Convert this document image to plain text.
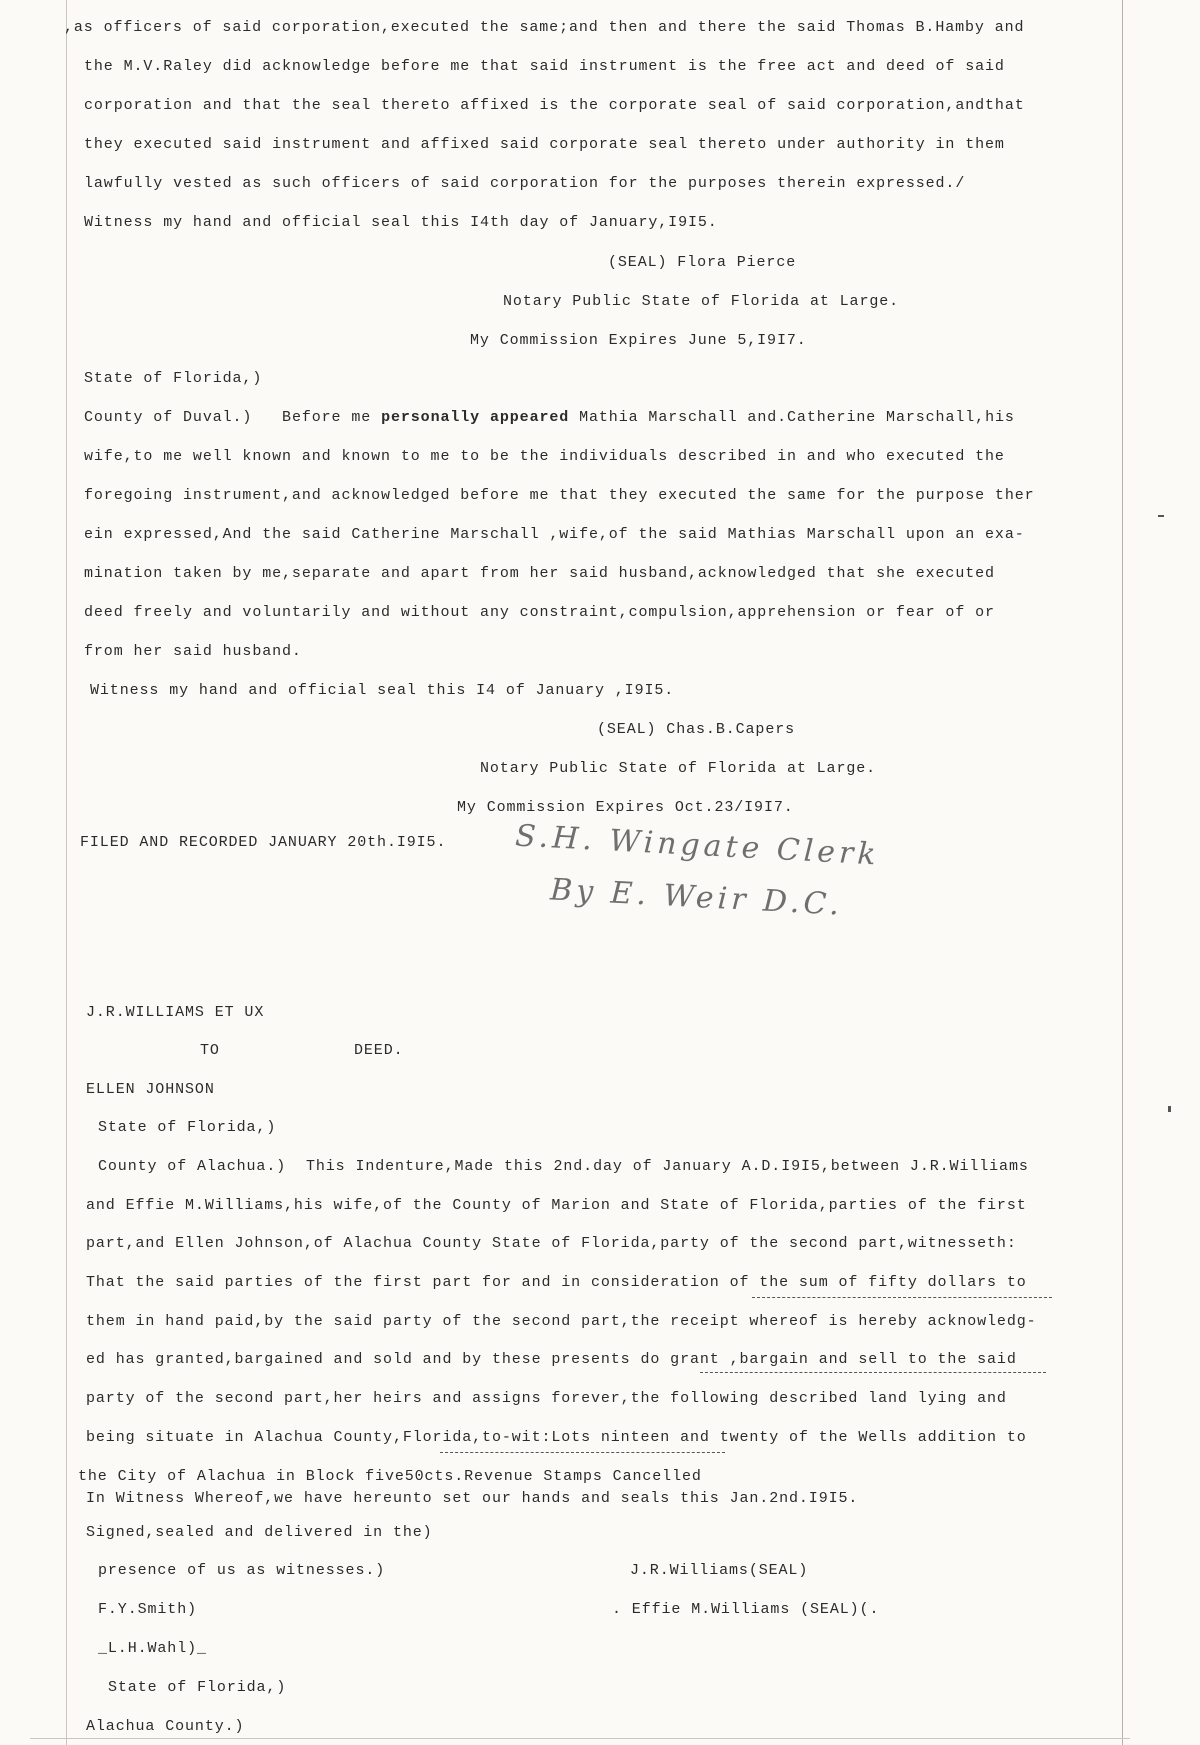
,as officers of said corporation,executed the same;and then and there the said Thomas B.Hamby and
the M.V.Raley did acknowledge before me that said instrument is the free act and deed of said
corporation and that the seal thereto affixed is the corporate seal of said corporation,andthat
they executed said instrument and affixed said corporate seal thereto under authority in them
lawfully vested as such officers of said corporation for the purposes therein expressed./
Witness my hand and official seal this I4th day of January,I9I5.
(SEAL) Flora Pierce
Notary Public State of Florida at Large.
My Commission Expires June 5,I9I7.
State of Florida,)
County of Duval.) Before me personally appeared Mathia Marschall and.Catherine Marschall,his
wife,to me well known and known to me to be the individuals described in and who executed the
foregoing instrument,and acknowledged before me that they executed the same for the purpose ther
ein expressed,And the said Catherine Marschall ,wife,of the said Mathias Marschall upon an exa-
mination taken by me,separate and apart from her said husband,acknowledged that she executed
deed freely and voluntarily and without any constraint,compulsion,apprehension or fear of or
from her said husband.
Witness my hand and official seal this I4 of January ,I9I5.
(SEAL) Chas.B.Capers
Notary Public State of Florida at Large.
My Commission Expires Oct.23/I9I7.
FILED AND RECORDED JANUARY 20th.I9I5. S.H. Wingate Clerk
By E. Weir D.C.
J.R.WILLIAMS ET UX
TO	DEED.
ELLEN JOHNSON
State of Florida,)
County of Alachua.)  This Indenture,Made this 2nd.day of January A.D.I9I5,between J.R.Williams
and Effie M.Williams,his wife,of the County of Marion and State of Florida,parties of the first
part,and Ellen Johnson,of Alachua County State of Florida,party of the second part,witnesseth:
That the said parties of the first part for and in consideration of the sum of fifty dollars to
them in hand paid,by the said party of the second part,the receipt whereof is hereby acknowledg-
ed has granted,bargained and sold and by these presents do grant ,bargain and sell to the said
party of the second part,her heirs and assigns forever,the following described land lying and
being situate in Alachua County,Florida,to-wit:Lots ninteen and twenty of the Wells addition to
the City of Alachua in Block five50cts.Revenue Stamps Cancelled
In Witness Whereof,we have hereunto set our hands and seals this Jan.2nd.I9I5.
Signed,sealed and delivered in the)
presence of us as witnesses.)	J.R.Williams(SEAL)
F.Y.Smith)	. Effie M.Williams (SEAL)(.
_L.H.Wahl)_
State of Florida,)
Alachua County.)
